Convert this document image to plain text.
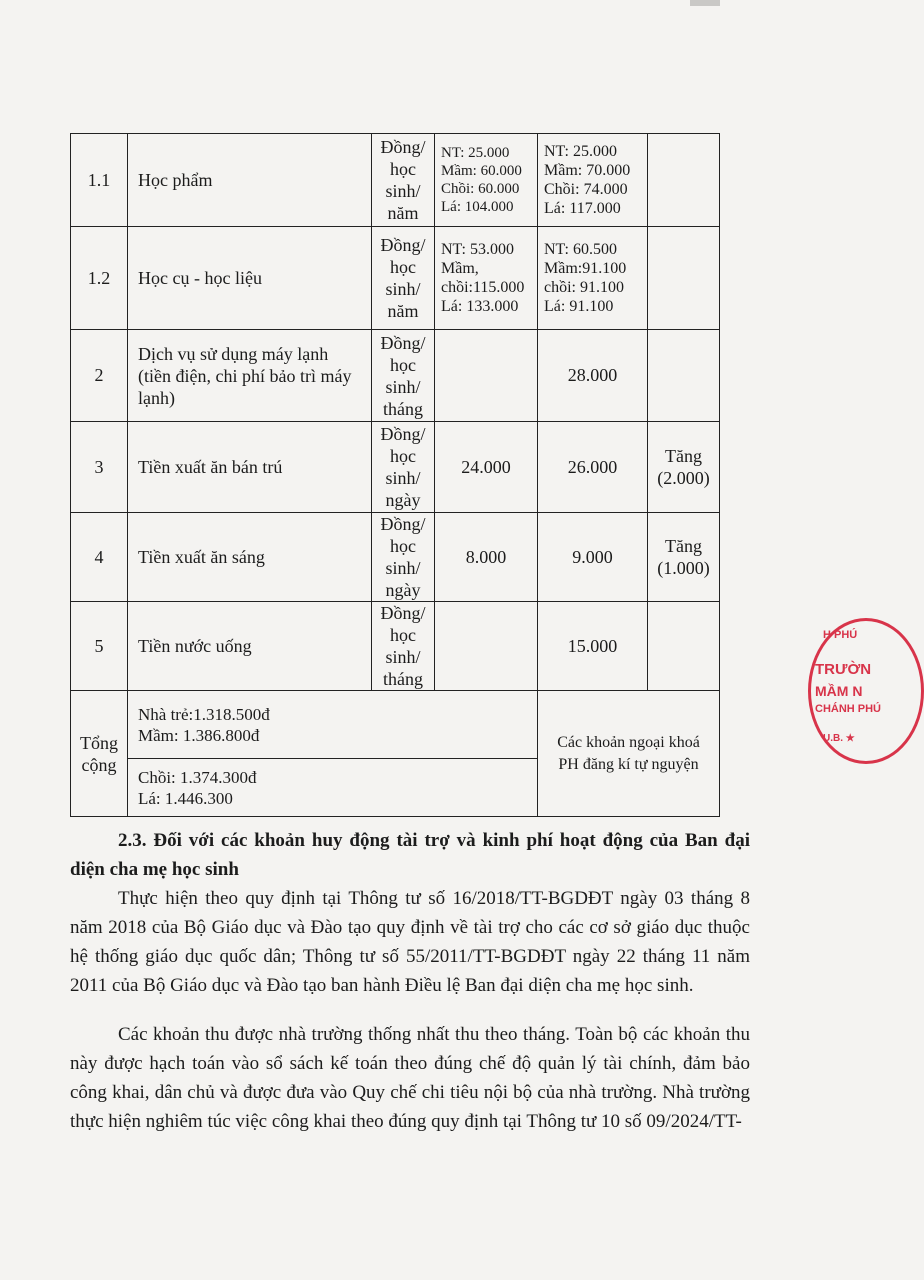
1.1	Học phẩm	Đồng/
học
sinh/
năm	NT: 25.000
Mầm: 60.000
Chồi: 60.000
Lá: 104.000	NT: 25.000
Mầm: 70.000
Chồi: 74.000
Lá: 117.000	

1.2	Học cụ - học liệu	Đồng/
học
sinh/
năm	NT: 53.000
Mầm,
chồi:115.000
Lá: 133.000	NT: 60.500
Mầm:91.100
chồi: 91.100
Lá: 91.100	

2	Dịch vụ sử dụng máy lạnh
(tiền điện, chi phí bảo trì máy
lạnh)	Đồng/
học
sinh/
tháng		28.000	
3	Tiền xuất ăn bán trú	Đồng/
học
sinh/
ngày	24.000	26.000	Tăng
(2.000)

4	Tiền xuất ăn sáng	Đồng/
học
sinh/
ngày	8.000	9.000	Tăng
(1.000)

5	Tiền nước uống	Đồng/
học
sinh/
tháng		15.000	

Tổng
cộng	Nhà trẻ:1.318.500đ
Mầm: 1.386.800đ			Các khoản ngoại khoá
PH đăng kí tự nguyện	

	Chồi: 1.374.300đ
Lá: 1.446.300				
2.3. Đối với các khoản huy động tài trợ và kinh phí hoạt động của Ban đại diện cha mẹ học sinh
Thực hiện theo quy định tại Thông tư số 16/2018/TT-BGDĐT ngày 03 tháng 8 năm 2018 của Bộ Giáo dục và Đào tạo quy định về tài trợ cho các cơ sở giáo dục thuộc hệ thống giáo dục quốc dân; Thông tư số 55/2011/TT-BGDĐT ngày 22 tháng 11 năm 2011 của Bộ Giáo dục và Đào tạo ban hành Điều lệ Ban đại diện cha mẹ học sinh.
Các khoản thu được nhà trường thống nhất thu theo tháng. Toàn bộ các khoản thu này được hạch toán vào sổ sách kế toán theo đúng chế độ quản lý tài chính, đảm bảo công khai, dân chủ và được đưa vào Quy chế chi tiêu nội bộ của nhà trường. Nhà trường thực hiện nghiêm túc việc công khai theo đúng quy định tại Thông tư 10 số 09/2024/TT-
H PHÚ
TRƯỜN
MẦM N
CHÁNH PHÚ
U.B. ★
